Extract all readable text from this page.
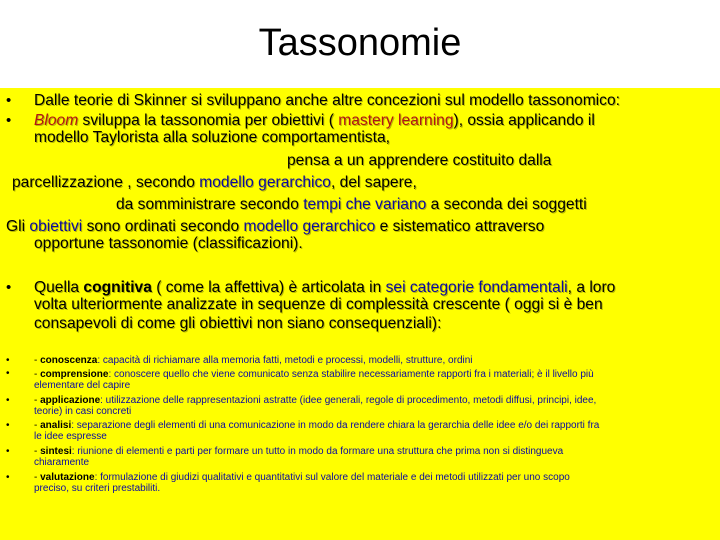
Tassonomie
• Dalle teorie di Skinner si sviluppano anche altre concezioni sul modello tassonomico:
• Bloom sviluppa la tassonomia per obiettivi ( mastery learning), ossia applicando il
modello Taylorista alla soluzione comportamentista,
pensa a un apprendere costituito dalla
parcellizzazione , secondo modello gerarchico, del sapere,
da somministrare secondo tempi che variano a seconda dei soggetti
Gli obiettivi sono ordinati secondo modello gerarchico e sistematico attraverso
opportune tassonomie (classificazioni).
• Quella cognitiva ( come la affettiva) è articolata in sei categorie fondamentali, a loro
volta ulteriormente analizzate in sequenze di complessità crescente ( oggi si è ben
consapevoli di come gli obiettivi non siano consequenziali):
•
•
- conoscenza: capacità di richiamare alla memoria fatti, metodi e processi, modelli, strutture, ordini
- comprensione: conoscere quello che viene comunicato senza stabilire necessariamente rapporti fra i materiali; è il livello più
elementare del capire
• - applicazione: utilizzazione delle rappresentazioni astratte (idee generali, regole di procedimento, metodi diffusi, principi, idee,
teorie) in casi concreti
• - analisi: separazione degli elementi di una comunicazione in modo da rendere chiara la gerarchia delle idee e/o dei rapporti fra
le idee espresse
• - sintesi: riunione di elementi e parti per formare un tutto in modo da formare una struttura che prima non si distingueva
chiaramente
• - valutazione: formulazione di giudizi qualitativi e quantitativi sul valore del materiale e dei metodi utilizzati per uno scopo
preciso, su criteri prestabiliti.
